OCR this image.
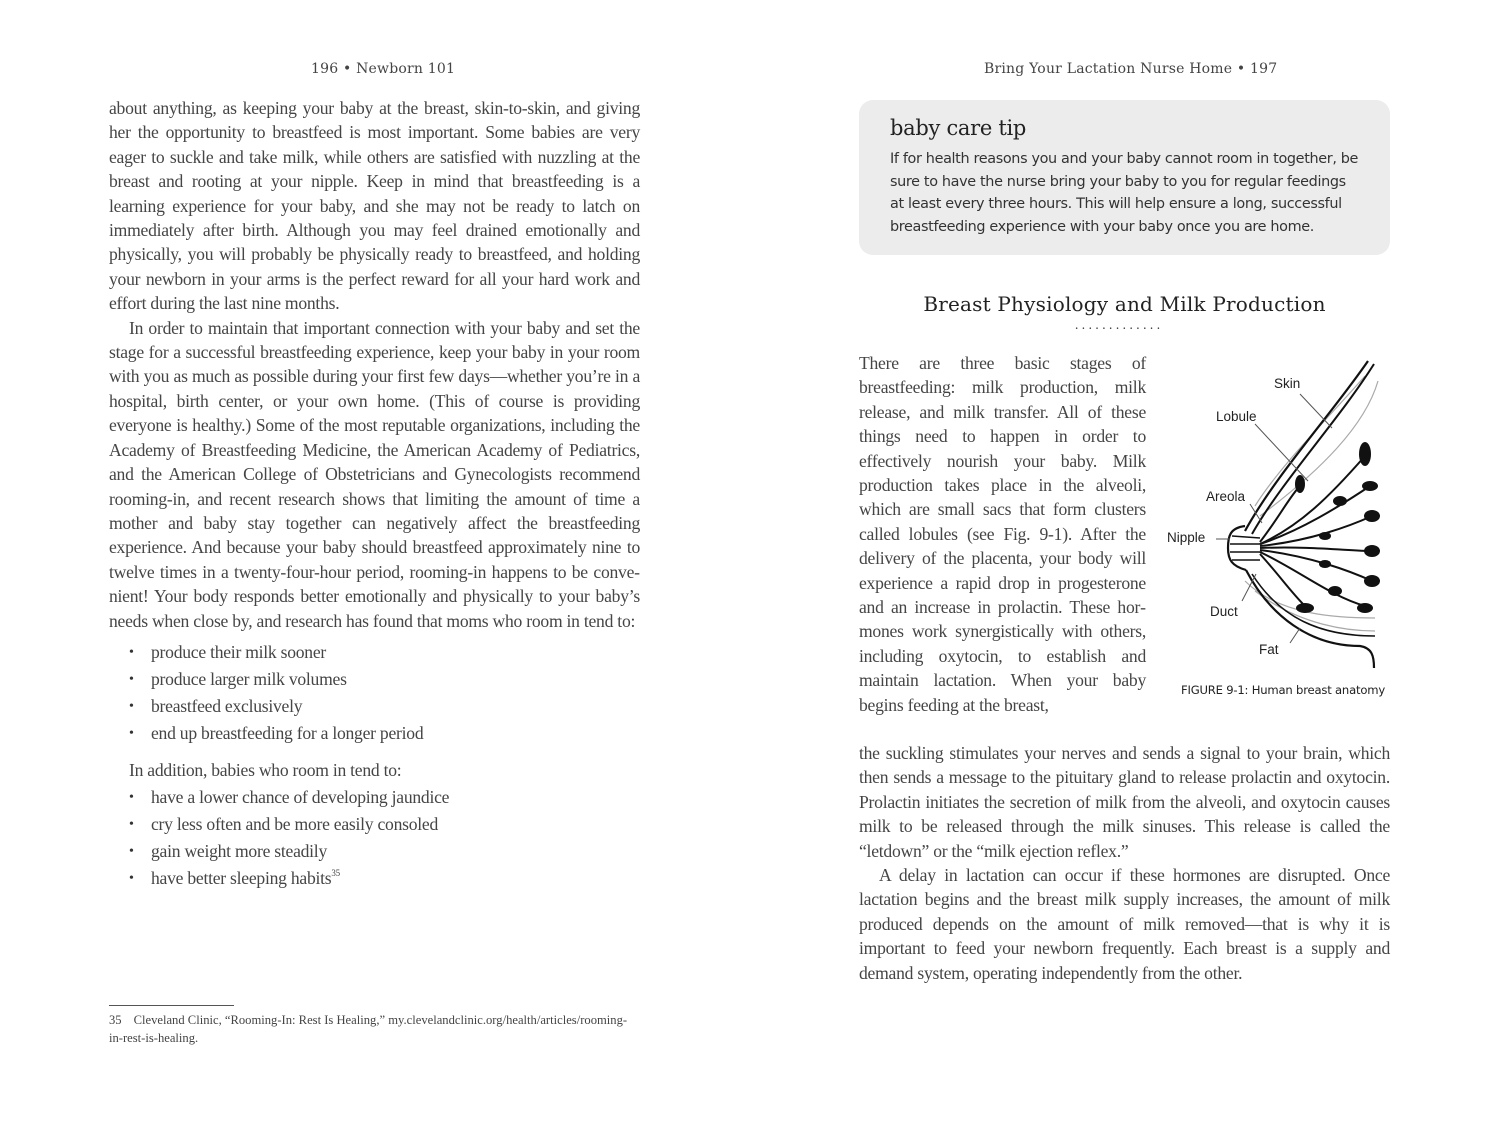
196 • Newborn 101

about anything, as keeping your baby at the breast, skin-to-skin, and giving her the opportunity to breastfeed is most important. Some babies are very eager to suckle and take milk, while others are satisfied with nuzzling at the breast and rooting at your nipple. Keep in mind that breastfeeding is a learning experience for your baby, and she may not be ready to latch on immediately after birth. Although you may feel drained emotionally and physically, you will probably be physically ready to breastfeed, and holding your newborn in your arms is the perfect reward for all your hard work and effort during the last nine months.

In order to maintain that important connection with your baby and set the stage for a successful breastfeeding experience, keep your baby in your room with you as much as possible during your first few days—whether you’re in a hospital, birth center, or your own home. (This of course is providing everyone is healthy.) Some of the most reputable organizations, including the Academy of Breastfeeding Medicine, the American Academy of Pediatrics, and the American College of Obstetricians and Gynecologists recommend rooming-in, and recent research shows that limiting the amount of time a mother and baby stay together can negatively affect the breastfeeding experience. And because your baby should breastfeed approximately nine to twelve times in a twenty-four-hour period, rooming-in happens to be convenient! Your body responds better emotionally and physically to your baby’s needs when close by, and research has found that moms who room in tend to:

• produce their milk sooner
• produce larger milk volumes
• breastfeed exclusively
• end up breastfeeding for a longer period
In addition, babies who room in tend to:
• have a lower chance of developing jaundice
• cry less often and be more easily consoled
• gain weight more steadily
• have better sleeping habits$^{35}$
35 Cleveland Clinic, “Rooming-In: Rest Is Healing,” my.clevelandclinic.org/health/articles/rooming-in-rest-is-healing.
Bring Your Lactation Nurse Home • 197
baby care tip
If for health reasons you and your baby cannot room in together, be sure to have the nurse bring your baby to you for regular feedings at least every three hours. This will help ensure a long, successful breastfeeding experience with your baby once you are home.
Breast Physiology and Milk Production
.............

There are three basic stages of breastfeeding: milk production, milk release, and milk transfer. All of these things need to happen in order to effectively nourish your baby. Milk production takes place in the alveoli, which are small sacs that form clusters called lobules (see Fig. 9-1). After the delivery of the placenta, your body will experience a rapid drop in progesterone and an increase in prolactin. These hormones work synergistically with others, including oxytocin, to establish and maintain lactation. When your baby begins feeding at the breast,

Skin
Lobule
Areola
Nipple
Duct
Fat
FIGURE 9-1: Human breast anatomy

the suckling stimulates your nerves and sends a signal to your brain, which then sends a message to the pituitary gland to release prolactin and oxytocin. Prolactin initiates the secretion of milk from the alveoli, and oxytocin causes milk to be released through the milk sinuses. This release is called the “letdown” or the “milk ejection reflex.”

A delay in lactation can occur if these hormones are disrupted. Once lactation begins and the breast milk supply increases, the amount of milk produced depends on the amount of milk removed—that is why it is important to feed your newborn frequently. Each breast is a supply and demand system, operating independently from the other.
